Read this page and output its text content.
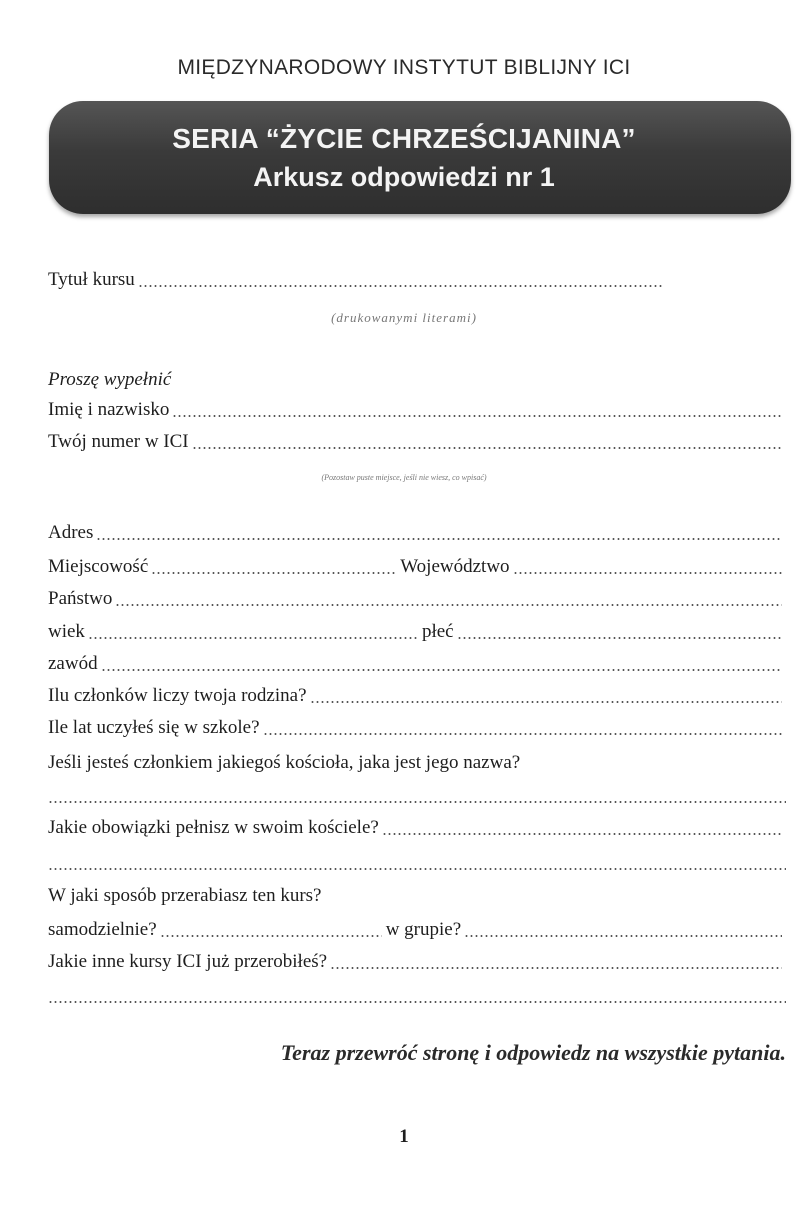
MIĘDZYNARODOWY INSTYTUT BIBLIJNY ICI
SERIA “ŻYCIE CHRZEŚCIJANINA”
Arkusz odpowiedzi nr 1
Tytuł kursu
(drukowanymi literami)
Proszę wypełnić
Imię i nazwisko
Twój numer w ICI
(Pozostaw puste miejsce, jeśli nie wiesz, co wpisać)
Adres
Miejscowość	Województwo
Państwo
wiek	płeć
zawód
Ilu członków liczy twoja rodzina?
Ile lat uczyłeś się w szkole?
Jeśli jesteś członkiem jakiegoś kościoła, jaka jest jego nazwa?
Jakie obowiązki pełnisz w swoim kościele?
W jaki sposób przerabiasz ten kurs?
samodzielnie?	w grupie?
Jakie inne kursy ICI już przerobiłeś?
Teraz przewróć stronę i odpowiedz na wszystkie pytania.
1
